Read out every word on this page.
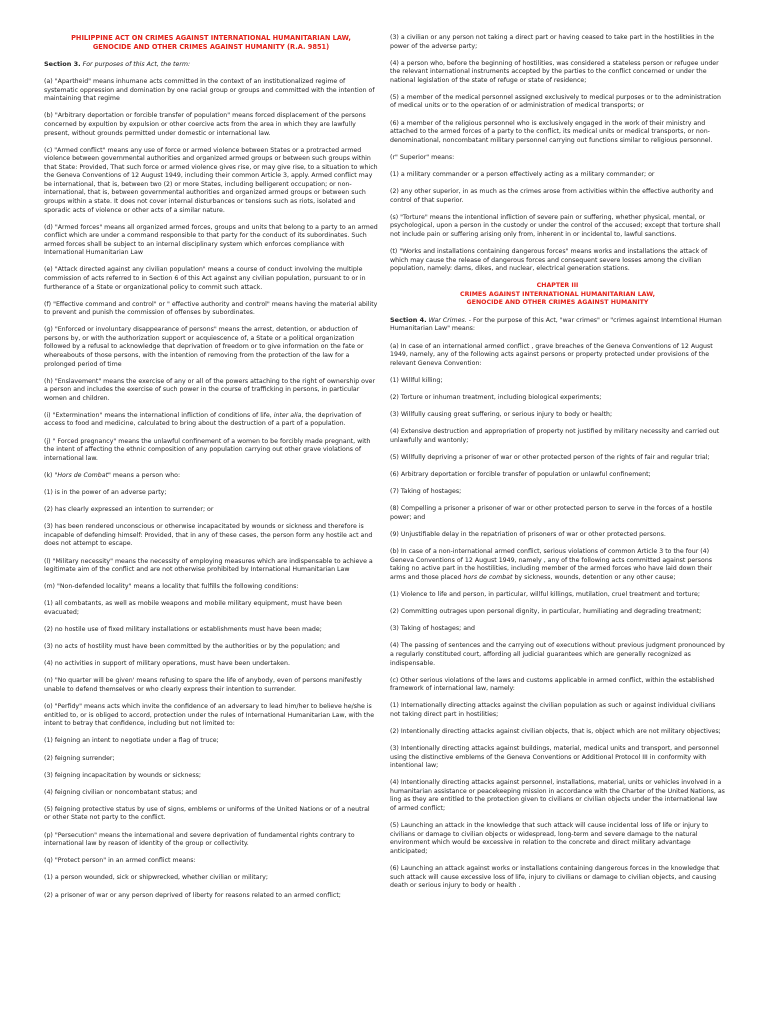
PHILIPPINE ACT ON CRIMES AGAINST INTERNATIONAL HUMANITARIAN LAW,
GENOCIDE AND OTHER CRIMES AGAINST HUMANITY (R.A. 9851)

Section 3. For purposes of this Act, the term:

(a) "Apartheid" means inhumane acts committed in the context of an institutionalized regime of systematic oppression and domination by one racial group or groups and committed with the intention of maintaining that regime

(b) "Arbitrary deportation or forcible transfer of population" means forced displacement of the persons concerned by expultion by expulsion or other coercive acts from the area in which they are lawfully present, without grounds permitted under domestic or international law.

(c) "Armed conflict" means any use of force or armed violence between States or a protracted armed violence between governmental authorities and organized armed groups or between such groups within that State: Provided, That such force or armed violence gives rise, or may give rise, to a situation to which the Geneva Conventions of 12 August 1949, including their common Article 3, apply. Armed conflict may be international, that is, between two (2) or more States, including belligerent occupation; or non-international, that is, between governmental authorities and organized armed groups or between such groups within a state. It does not cover internal disturbances or tensions such as riots, isolated and sporadic acts of violence or other acts of a similar nature.

(d) "Armed forces" means all organized armed forces, groups and units that belong to a party to an armed conflict which are under a command responsible to that party for the conduct of its subordinates. Such armed forces shall be subject to an internal disciplinary system which enforces compliance with International Humanitarian Law

(e) "Attack directed against any civilian population" means a course of conduct involving the multiple commission of acts referred to in Section 6 of this Act against any civilian population, pursuant to or in furtherance of a State or organizational policy to commit such attack.

(f) "Effective command and control" or " effective authority and control" means having the material ability to prevent and punish the commission of offenses by subordinates.

(g) "Enforced or involuntary disappearance of persons" means the arrest, detention, or abduction of persons by, or with the authorization support or acquiescence of, a State or a political organization followed by a refusal to acknowledge that deprivation of freedom or to give information on the fate or whereabouts of those persons, with the intention of removing from the protection of the law for a prolonged period of time

(h) "Enslavement" means the exercise of any or all of the powers attaching to the right of ownership over a person and includes the exercise of such power in the course of trafficking in persons, in particular women and children.

(i) "Extermination" means the international infliction of conditions of life, inter alia, the deprivation of access to food and medicine, calculated to bring about the destruction of a part of a population.

(j) " Forced pregnancy" means the unlawful confinement of a women to be forcibly made pregnant, with the intent of affecting the ethnic composition of any population carrying out other grave violations of international law.

(k) "Hors de Combat" means a person who:

(1) is in the power of an adverse party;

(2) has clearly expressed an intention to surrender; or

(3) has been rendered unconscious or otherwise incapacitated by wounds or sickness and therefore is incapable of defending himself: Provided, that in any of these cases, the person form any hostile act and does not attempt to escape.

(l) "Military necessity" means the necessity of employing measures which are indispensable to achieve a legitimate aim of the conflict and are not otherwise prohibited by International Humanitarian Law

(m) "Non-defended locality" means a locality that fulfills the following conditions:

(1) all combatants, as well as mobile weapons and mobile military equipment, must have been evacuated;

(2) no hostile use of fixed military installations or establishments must have been made;

(3) no acts of hostility must have been committed by the authorities or by the population; and

(4) no activities in support of military operations, must have been undertaken.

(n) "No quarter will be given' means refusing to spare the life of anybody, even of persons manifestly unable to defend themselves or who clearly express their intention to surrender.

(o) "Perfidy" means acts which invite the confidence of an adversary to lead him/her to believe he/she is entitled to, or is obliged to accord, protection under the rules of International Humanitarian Law, with the intent to betray that confidence, including but not limited to:

(1) feigning an intent to negotiate under a flag of truce;

(2) feigning surrender;

(3) feigning incapacitation by wounds or sickness;

(4) feigning civilian or noncombatant status; and

(5) feigning protective status by use of signs, emblems or uniforms of the United Nations or of a neutral or other State not party to the conflict.

(p) "Persecution" means the international and severe deprivation of fundamental rights contrary to international law by reason of identity of the group or collectivity.

(q) "Protect person" in an armed conflict means:

(1) a person wounded, sick or shipwrecked, whether civilian or military;

(2) a prisoner of war or any person deprived of liberty for reasons related to an armed conflict;

(3) a civilian or any person not taking a direct part or having ceased to take part in the hostilities in the power of the adverse party;

(4) a person who, before the beginning of hostilities, was considered a stateless person or refugee under the relevant international instruments accepted by the parties to the conflict concerned or under the national legislation of the state of refuge or state of residence;

(5) a member of the medical personnel assigned exclusively to medical purposes or to the administration of medical units or to the operation of or administration of medical transports; or

(6) a member of the religious personnel who is exclusively engaged in the work of their ministry and attached to the armed forces of a party to the conflict, its medical units or medical transports, or non-denominational, noncombatant military personnel carrying out functions similar to religious personnel.

(r" Superior" means:

(1) a military commander or a person effectively acting as a military commander; or

(2) any other superior, in as much as the crimes arose from activities within the effective authority and control of that superior.

(s) "Torture" means the intentional infliction of severe pain or suffering, whether physical, mental, or psychological, upon a person in the custody or under the control of the accused; except that torture shall not include pain or suffering arising only from, inherent in or incidental to, lawful sanctions.

(t) "Works and installations containing dangerous forces" means works and installations the attack of which may cause the release of dangerous forces and consequent severe losses among the civilian population, namely: dams, dikes, and nuclear, electrical generation stations.

CHAPTER III
CRIMES AGAINST INTERNATIONAL HUMANITARIAN LAW,
GENOCIDE AND OTHER CRIMES AGAINST HUMANITY

Section 4. War Crimes. - For the purpose of this Act, "war crimes" or "crimes against Interntional Human Humanitarian Law" means:

(a) In case of an international armed conflict , grave breaches of the Geneva Conventions of 12 August 1949, namely, any of the following acts against persons or property protected under provisions of the relevant Geneva Convention:

(1) Willful killing;

(2) Torture or inhuman treatment, including biological experiments;

(3) Willfully causing great suffering, or serious injury to body or health;

(4) Extensive destruction and appropriation of property not justified by military necessity and carried out unlawfully and wantonly;

(5) Willfully depriving a prisoner of war or other protected person of the rights of fair and regular trial;

(6) Arbitrary deportation or forcible transfer of population or unlawful confinement;

(7) Taking of hostages;

(8) Compelling a prisoner a prisoner of war or other protected person to serve in the forces of a hostile power; and

(9) Unjustifiable delay in the repatriation of prisoners of war or other protected persons.

(b) In case of a non-international armed conflict, serious violations of common Article 3 to the four (4) Geneva Conventions of 12 August 1949, namely , any of the following acts committed against persons taking no active part in the hostilities, including member of the armed forces who have laid down their arms and those placed hors de combat by sickness, wounds, detention or any other cause;

(1) Violence to life and person, in particular, willful killings, mutilation, cruel treatment and torture;

(2) Committing outrages upon personal dignity, in particular, humiliating and degrading treatment;

(3) Taking of hostages; and

(4) The passing of sentences and the carrying out of executions without previous judgment pronounced by a regularly constituted court, affording all judicial guarantees which are generally recognized as indispensable.

(c) Other serious violations of the laws and customs applicable in armed conflict, within the established framework of international law, namely:

(1) Internationally directing attacks against the civilian population as such or against individual civilians not taking direct part in hostilities;

(2) Intentionally directing attacks against civilian objects, that is, object which are not military objectives;

(3) Intentionally directing attacks against buildings, material, medical units and transport, and personnel using the distinctive emblems of the Geneva Conventions or Additional Protocol III in conformity with intentional law;

(4) Intentionally directing attacks against personnel, installations, material, units or vehicles involved in a humanitarian assistance or peacekeeping mission in accordance with the Charter of the United Nations, as ling as they are entitled to the protection given to civilians or civilian objects under the international law of armed conflict;

(5) Launching an attack in the knowledge that such attack will cause incidental loss of life or injury to civilians or damage to civilian objects or widespread, long-term and severe damage to the natural environment which would be excessive in relation to the concrete and direct military advantage anticipated;

(6) Launching an attack against works or installations containing dangerous forces in the knowledge that such attack will cause excessive loss of life, injury to civilians or damage to civilian objects, and causing death or serious injury to body or health .
